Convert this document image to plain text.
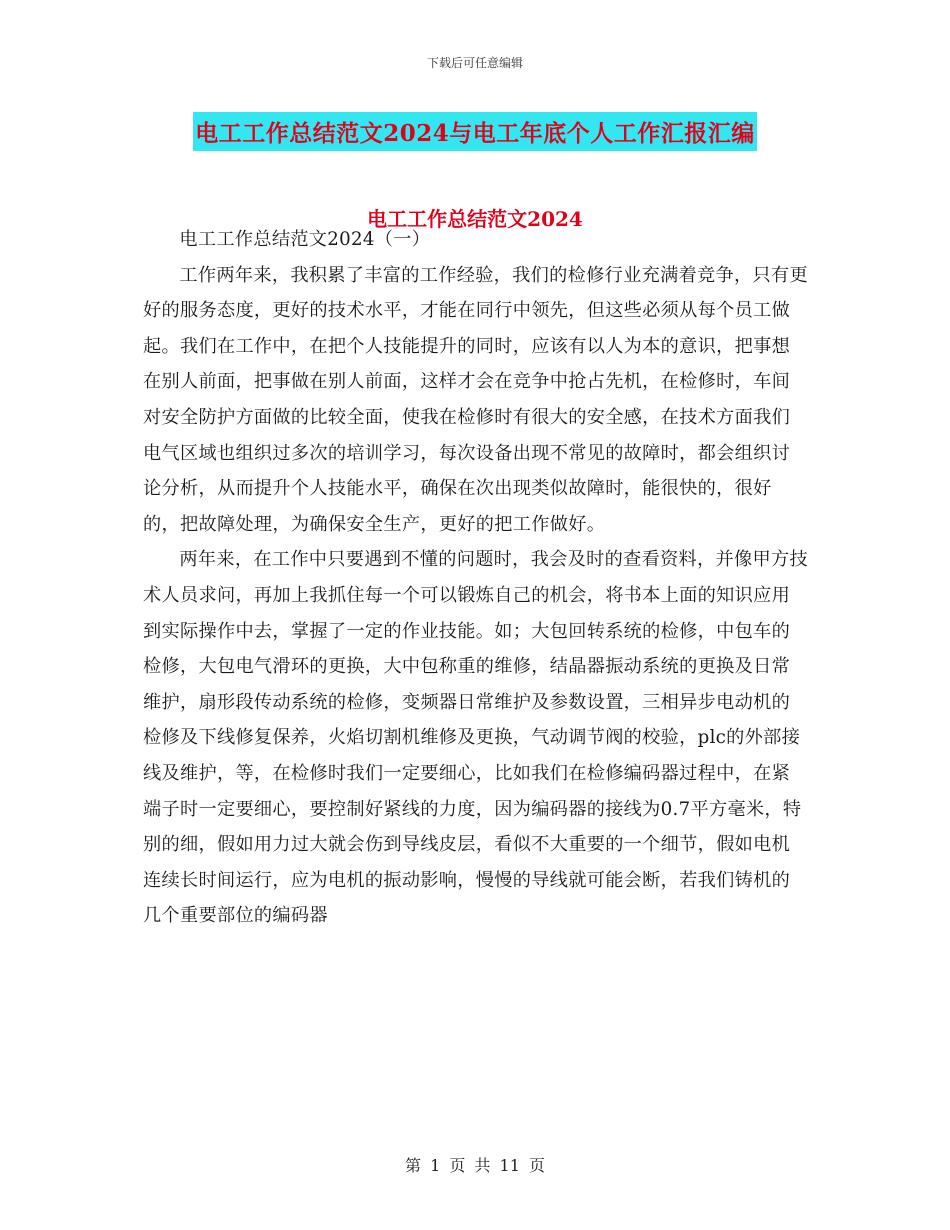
下载后可任意编辑
电工工作总结范文2024与电工年底个人工作汇报汇编
电工工作总结范文2024

电工工作总结范文2024（一）

工作两年来，我积累了丰富的工作经验，我们的检修行业充满着竞争，只有更好的服务态度，更好的技术水平，才能在同行中领先，但这些必须从每个员工做起。我们在工作中，在把个人技能提升的同时，应该有以人为本的意识，把事想在别人前面，把事做在别人前面，这样才会在竞争中抢占先机，在检修时，车间对安全防护方面做的比较全面，使我在检修时有很大的安全感，在技术方面我们电气区域也组织过多次的培训学习，每次设备出现不常见的故障时，都会组织讨论分析，从而提升个人技能水平，确保在次出现类似故障时，能很快的，很好的，把故障处理，为确保安全生产，更好的把工作做好。

两年来，在工作中只要遇到不懂的问题时，我会及时的查看资料，并像甲方技术人员求问，再加上我抓住每一个可以锻炼自己的机会，将书本上面的知识应用到实际操作中去，掌握了一定的作业技能。如；大包回转系统的检修，中包车的检修，大包电气滑环的更换，大中包称重的维修，结晶器振动系统的更换及日常维护，扇形段传动系统的检修，变频器日常维护及参数设置，三相异步电动机的检修及下线修复保养，火焰切割机维修及更换，气动调节阀的校验，plc的外部接线及维护，等，在检修时我们一定要细心，比如我们在检修编码器过程中，在紧端子时一定要细心，要控制好紧线的力度，因为编码器的接线为0.7平方毫米，特别的细，假如用力过大就会伤到导线皮层，看似不大重要的一个细节，假如电机连续长时间运行，应为电机的振动影响，慢慢的导线就可能会断，若我们铸机的几个重要部位的编码器

第 1 页 共 11 页
